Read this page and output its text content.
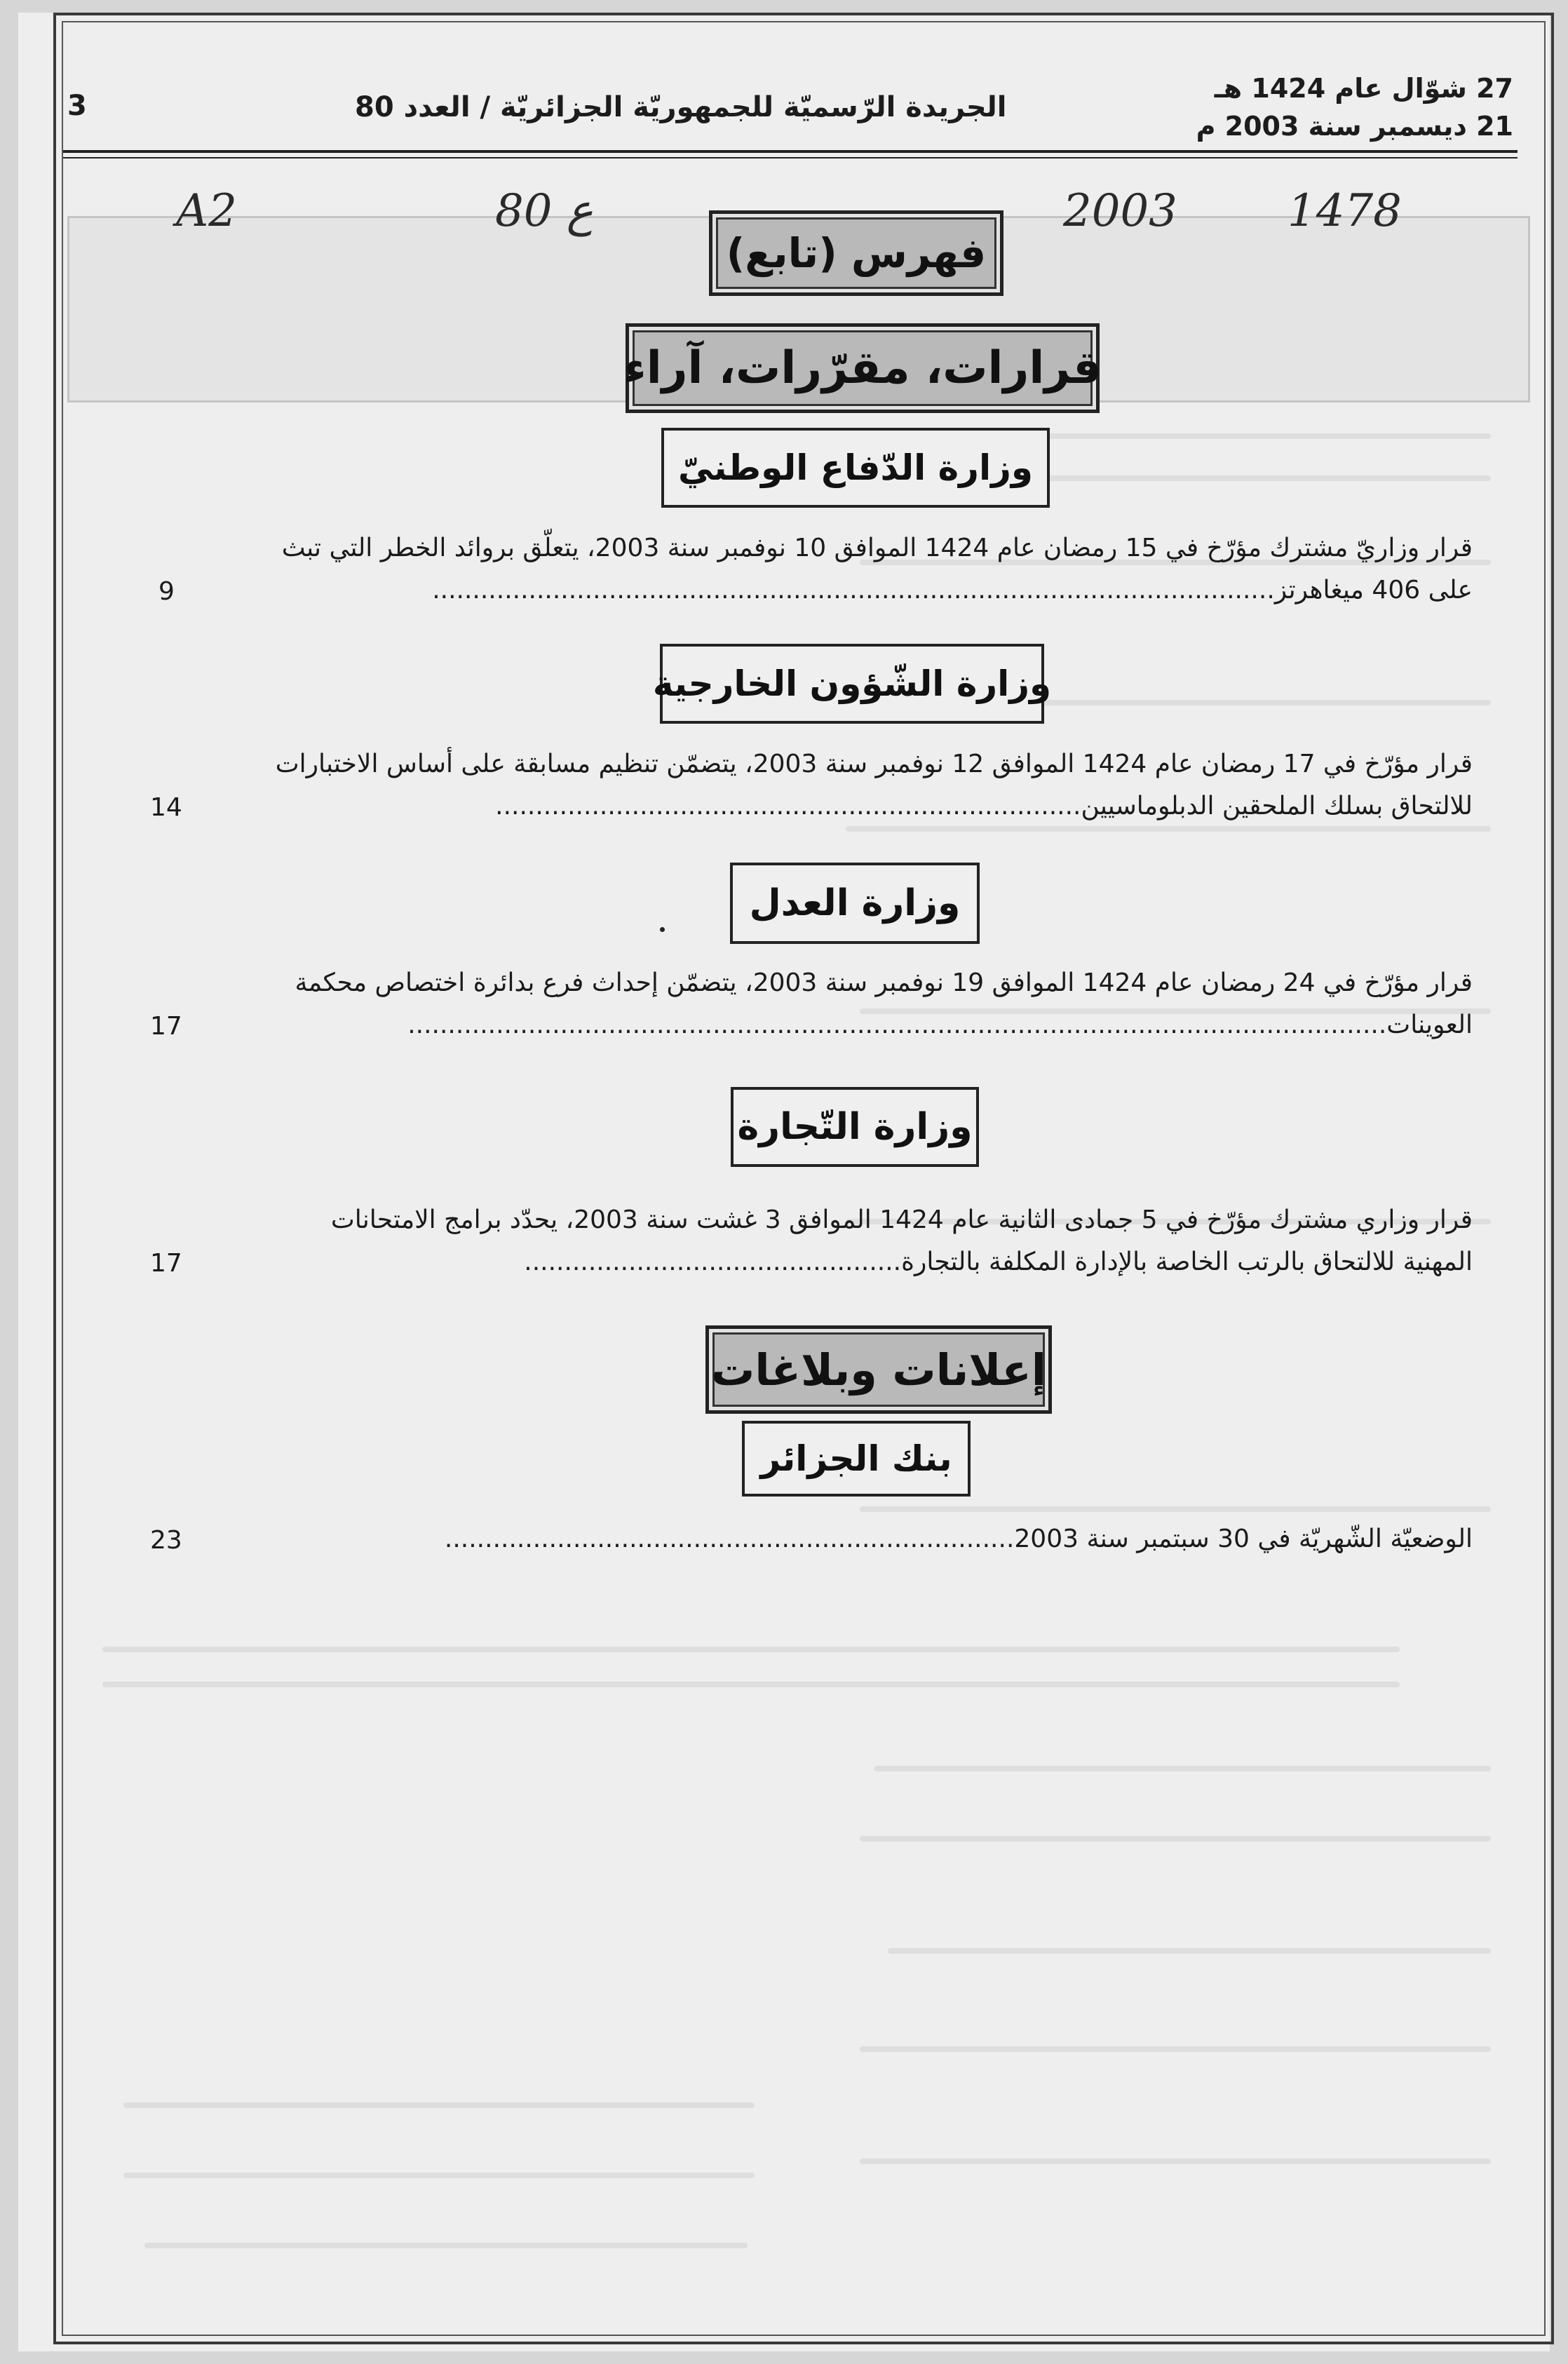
3	الجريدة الرّسميّة للجمهوريّة الجزائريّة / العدد 80
27 شوّال عام 1424 هـ
21 ديسمبر سنة 2003 م
A2	80 ع	2003 1478
فهرس (تابع)
قرارات، مقرّرات، آراء
وزارة الدّفاع الوطنيّ
قرار وزاريّ مشترك مؤرّخ في 15 رمضان عام 1424 الموافق 10 نوفمبر سنة 2003، يتعلّق بروائد الخطر التي تبث
على 406 ميغاهرتز.........................................................................................................
9
وزارة الشّؤون الخارجية
قرار مؤرّخ في 17 رمضان عام 1424 الموافق 12 نوفمبر سنة 2003، يتضمّن تنظيم مسابقة على أساس الاختبارات
للالتحاق بسلك الملحقين الدبلوماسيين.........................................................................
14
وزارة العدل
قرار مؤرّخ في 24 رمضان عام 1424 الموافق 19 نوفمبر سنة 2003، يتضمّن إحداث فرع بدائرة اختصاص محكمة
العوينات..........................................................................................................................
17
وزارة التّجارة
قرار وزاري مشترك مؤرّخ في 5 جمادى الثانية عام 1424 الموافق 3 غشت سنة 2003، يحدّد برامج الامتحانات
المهنية للالتحاق بالرتب الخاصة بالإدارة المكلفة بالتجارة...............................................
17
إعلانات وبلاغات
بنك الجزائر
الوضعيّة الشّهريّة في 30 سبتمبر سنة 2003.......................................................................
23
